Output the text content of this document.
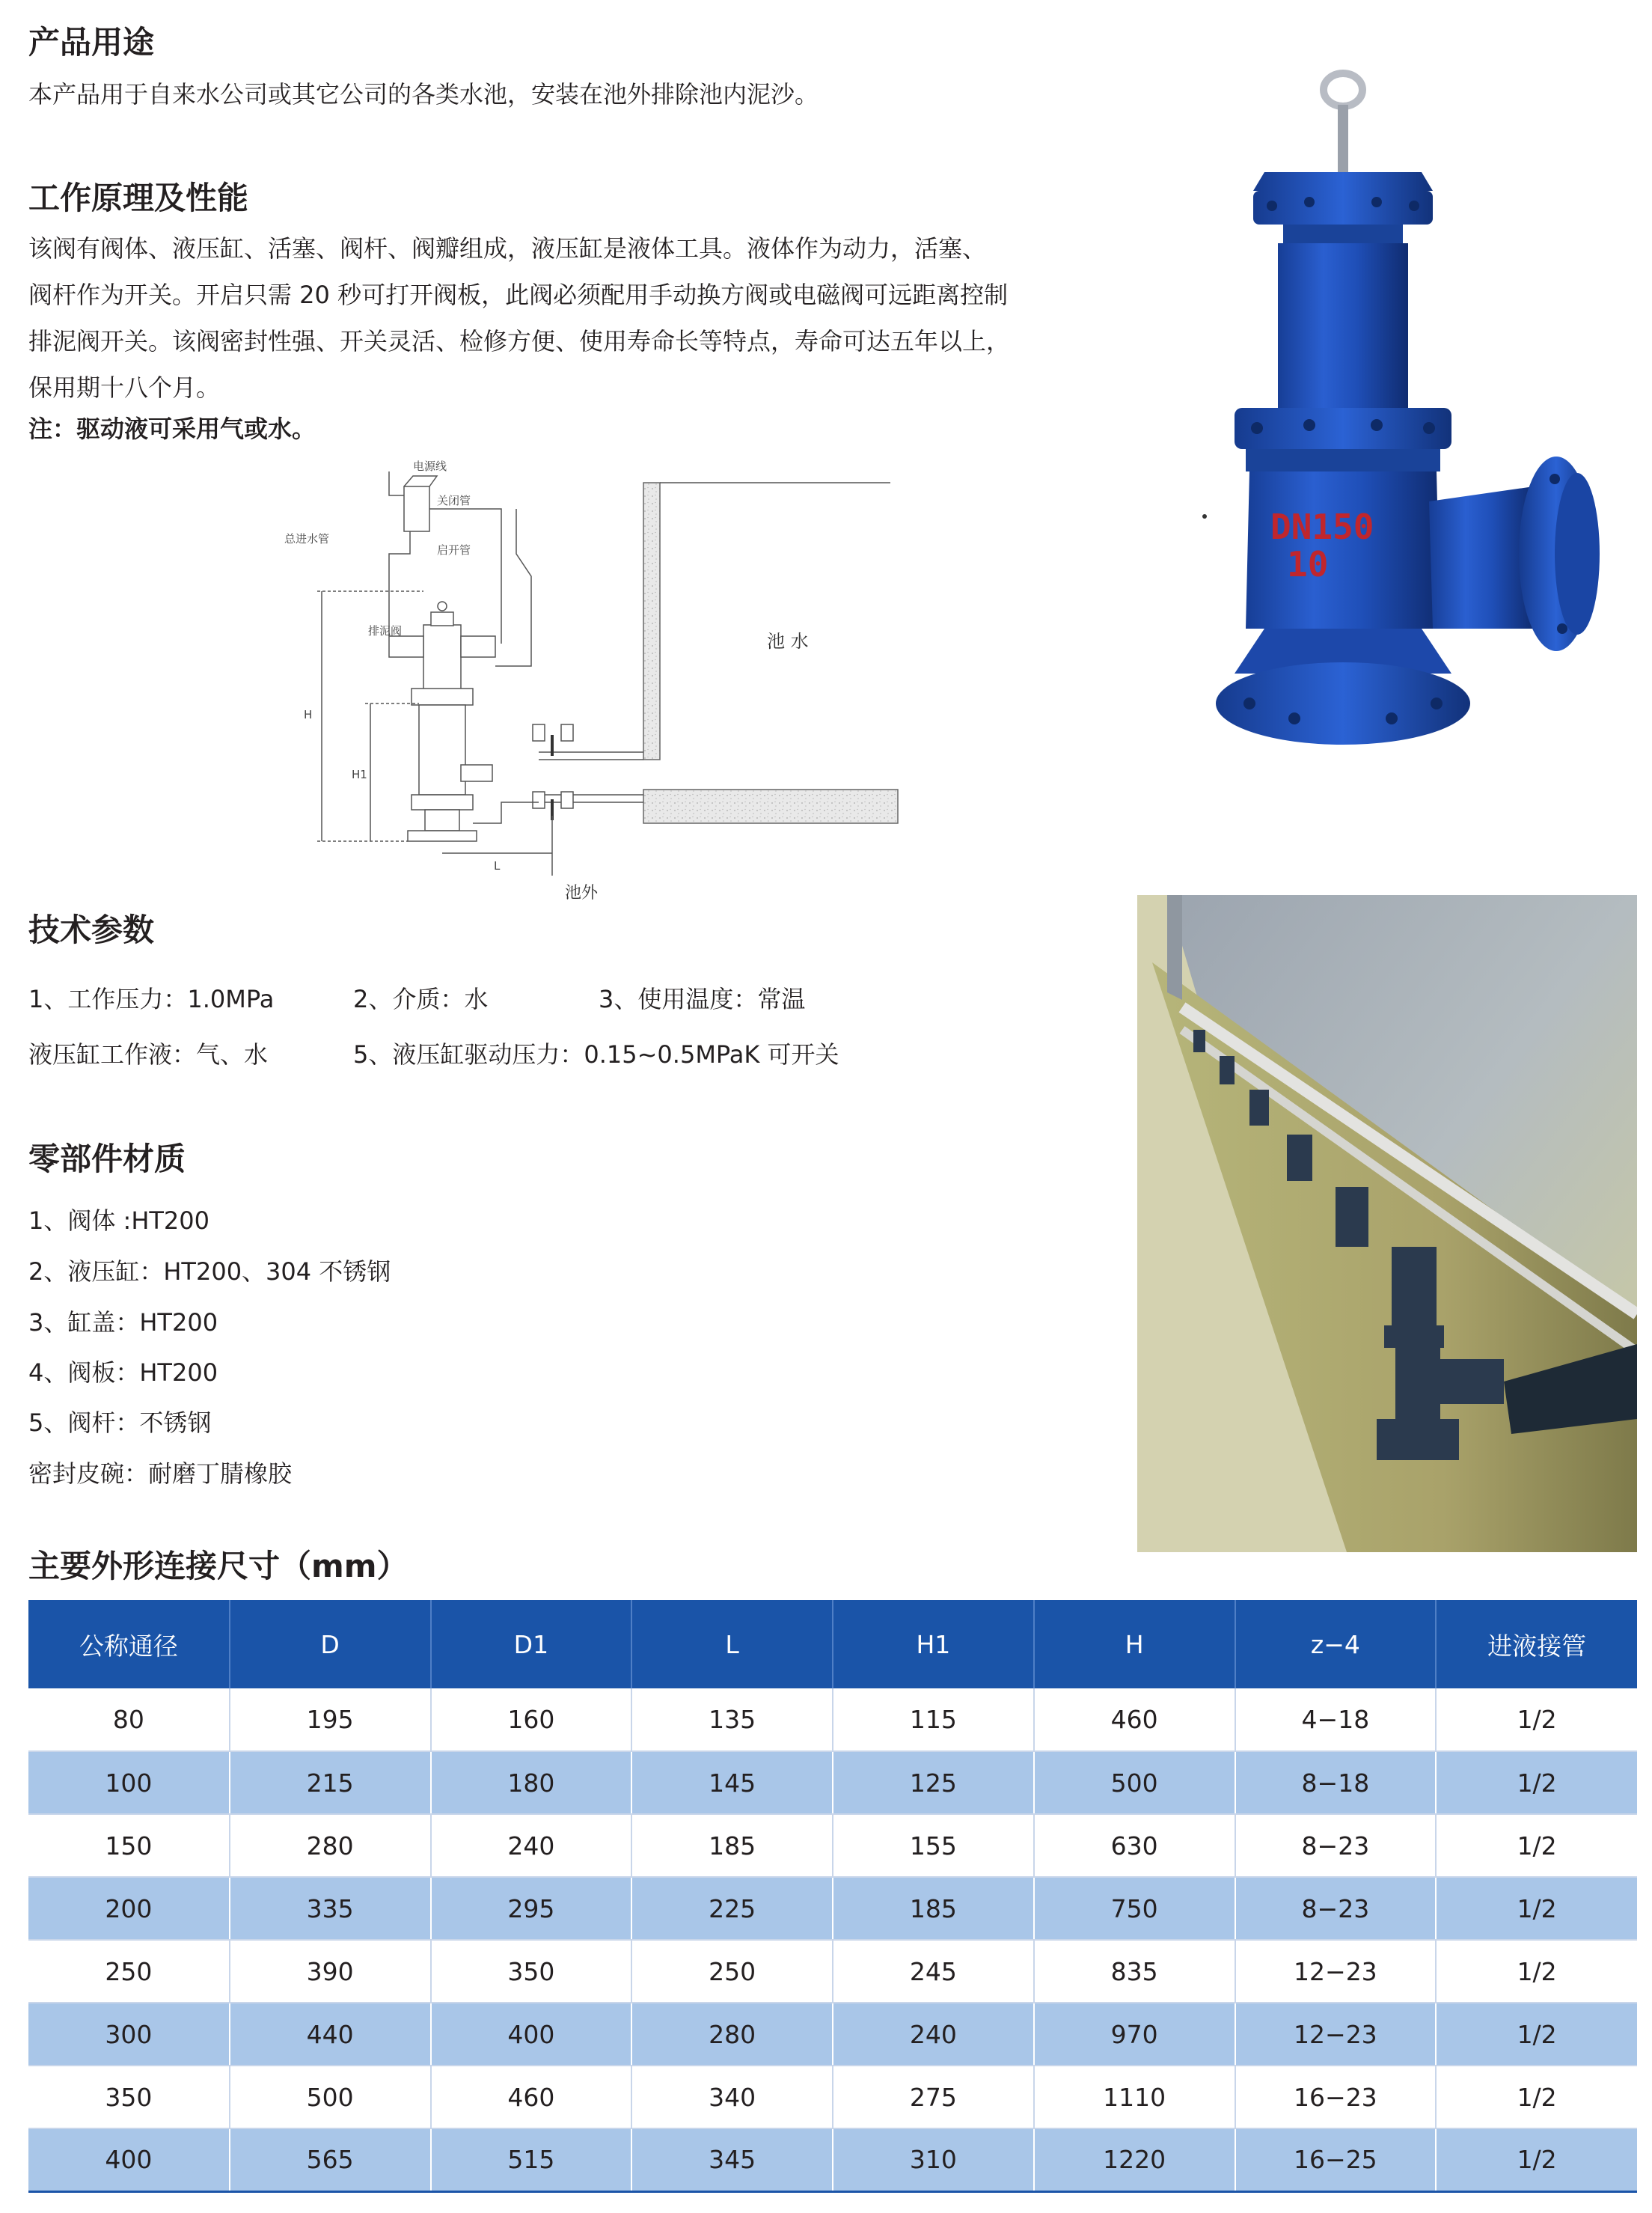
产品用途
本产品用于自来水公司或其它公司的各类水池，安装在池外排除池内泥沙。
工作原理及性能
该阀有阀体、液压缸、活塞、阀杆、阀瓣组成，液压缸是液体工具。液体作为动力，活塞、
阀杆作为开关。开启只需 20 秒可打开阀板，此阀必须配用手动换方阀或电磁阀可远距离控制
排泥阀开关。该阀密封性强、开关灵活、检修方便、使用寿命长等特点，寿命可达五年以上，
保用期十八个月。
注：驱动液可采用气或水。
电源线
关闭管
总进水管
启开管
排泥阀
H
H1
L
池 水
池外
DN150
10
技术参数
1、工作压力：1.0MPa	2、介质：水	3、使用温度：常温
液压缸工作液：气、水	5、液压缸驱动压力：0.15~0.5MPaK 可开关
零部件材质
1、阀体 :HT200
2、液压缸：HT200、304 不锈钢
3、缸盖：HT200
4、阀板：HT200
5、阀杆：不锈钢
密封皮碗：耐磨丁腈橡胶
主要外形连接尺寸（mm）
公称通径	D	D1	L	H1	H	z−4	进液接管
80	195	160	135	115	460	4−18	1/2
100	215	180	145	125	500	8−18	1/2
150	280	240	185	155	630	8−23	1/2
200	335	295	225	185	750	8−23	1/2
250	390	350	250	245	835	12−23	1/2
300	440	400	280	240	970	12−23	1/2
350	500	460	340	275	1110	16−23	1/2
400	565	515	345	310	1220	16−25	1/2
